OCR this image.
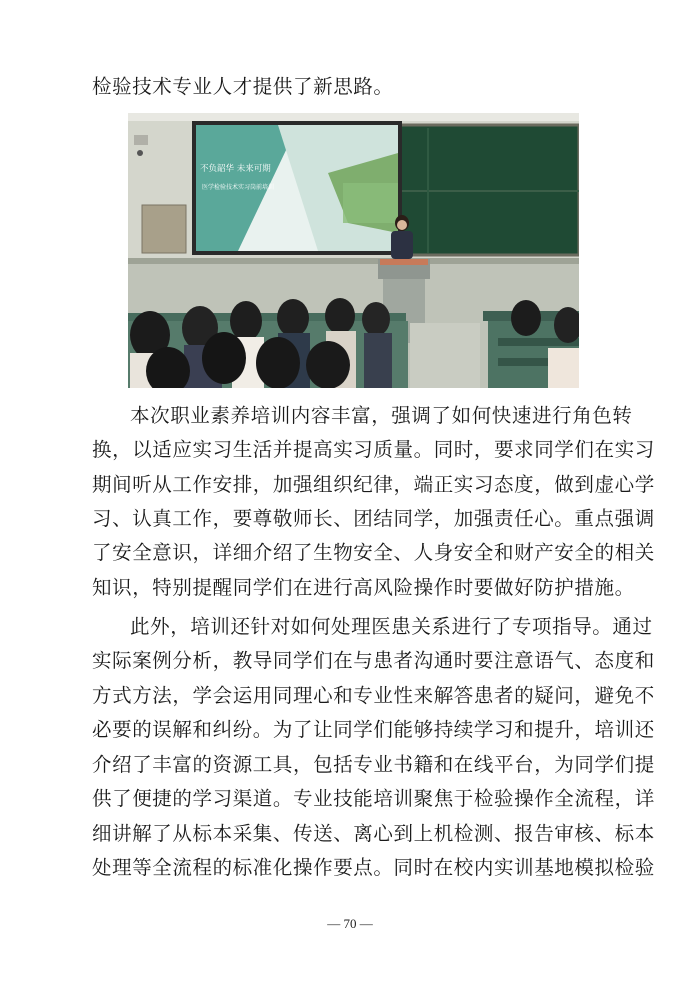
检验技术专业人才提供了新思路。
不负韶华 未来可期
医学检验技术实习岗前培训
本次职业素养培训内容丰富，强调了如何快速进行角色转
换，以适应实习生活并提高实习质量。同时，要求同学们在实习
期间听从工作安排，加强组织纪律，端正实习态度，做到虚心学
习、认真工作，要尊敬师长、团结同学，加强责任心。重点强调
了安全意识，详细介绍了生物安全、人身安全和财产安全的相关
知识，特别提醒同学们在进行高风险操作时要做好防护措施。
此外，培训还针对如何处理医患关系进行了专项指导。通过
实际案例分析，教导同学们在与患者沟通时要注意语气、态度和
方式方法，学会运用同理心和专业性来解答患者的疑问，避免不
必要的误解和纠纷。为了让同学们能够持续学习和提升，培训还
介绍了丰富的资源工具，包括专业书籍和在线平台，为同学们提
供了便捷的学习渠道。专业技能培训聚焦于检验操作全流程，详
细讲解了从标本采集、传送、离心到上机检测、报告审核、标本
处理等全流程的标准化操作要点。同时在校内实训基地模拟检验
— 70 —
